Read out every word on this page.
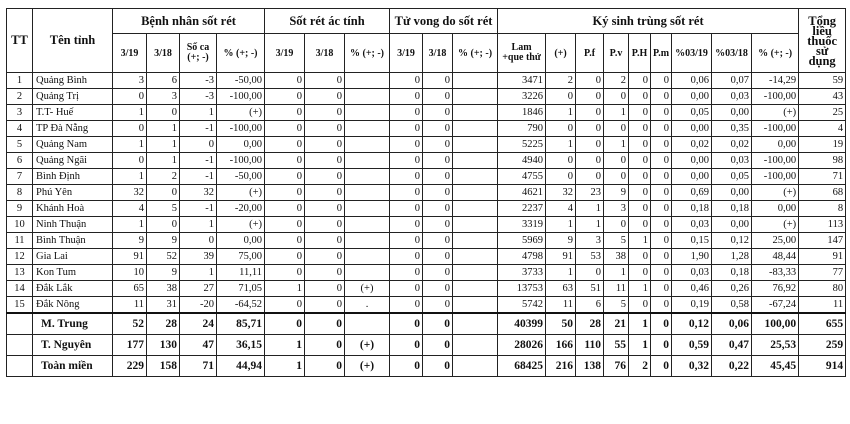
TT	Tên tỉnh	Bệnh nhân sốt rét				Sốt rét ác tính			Tử vong do sốt rét			Ký sinh trùng sốt rét									Tổng liều thuốc sử dụng
		3/19	3/18	Số ca (+; -)	% (+; -)	3/19	3/18	% (+; -)	3/19	3/18	% (+; -)	Lam +que thử	(+)	P.f	P.v	P.H	P.m	%03/19	%03/18	% (+; -)	
1	Quảng Bình	3	6	-3	-50,00	0	0		0	0		3471	2	0	2	0	0	0,06	0,07	-14,29	59
2	Quảng Trị	0	3	-3	-100,00	0	0		0	0		3226	0	0	0	0	0	0,00	0,03	-100,00	43
3	T.T- Huế	1	0	1	(+)	0	0		0	0		1846	1	0	1	0	0	0,05	0,00	(+)	25
4	TP Đà Nẵng	0	1	-1	-100,00	0	0		0	0		790	0	0	0	0	0	0,00	0,35	-100,00	4
5	Quảng Nam	1	1	0	0,00	0	0		0	0		5225	1	0	1	0	0	0,02	0,02	0,00	19
6	Quảng Ngãi	0	1	-1	-100,00	0	0		0	0		4940	0	0	0	0	0	0,00	0,03	-100,00	98
7	Bình Định	1	2	-1	-50,00	0	0		0	0		4755	0	0	0	0	0	0,00	0,05	-100,00	71
8	Phú Yên	32	0	32	(+)	0	0		0	0		4621	32	23	9	0	0	0,69	0,00	(+)	68
9	Khánh Hoà	4	5	-1	-20,00	0	0		0	0		2237	4	1	3	0	0	0,18	0,18	0,00	8
10	Ninh Thuận	1	0	1	(+)	0	0		0	0		3319	1	1	0	0	0	0,03	0,00	(+)	113
11	Bình Thuận	9	9	0	0,00	0	0		0	0		5969	9	3	5	1	0	0,15	0,12	25,00	147
12	Gia Lai	91	52	39	75,00	0	0		0	0		4798	91	53	38	0	0	1,90	1,28	48,44	91
13	Kon Tum	10	9	1	11,11	0	0		0	0		3733	1	0	1	0	0	0,03	0,18	-83,33	77
14	Đắk Lắk	65	38	27	71,05	1	0	(+)	0	0		13753	63	51	11	1	0	0,46	0,26	76,92	80
15	Đắk Nông	11	31	-20	-64,52	0	0	.	0	0		5742	11	6	5	0	0	0,19	0,58	-67,24	11
	M. Trung	52	28	24	85,71	0	0		0	0		40399	50	28	21	1	0	0,12	0,06	100,00	655
	T. Nguyên	177	130	47	36,15	1	0	(+)	0	0		28026	166	110	55	1	0	0,59	0,47	25,53	259
	Toàn miền	229	158	71	44,94	1	0	(+)	0	0		68425	216	138	76	2	0	0,32	0,22	45,45	914
